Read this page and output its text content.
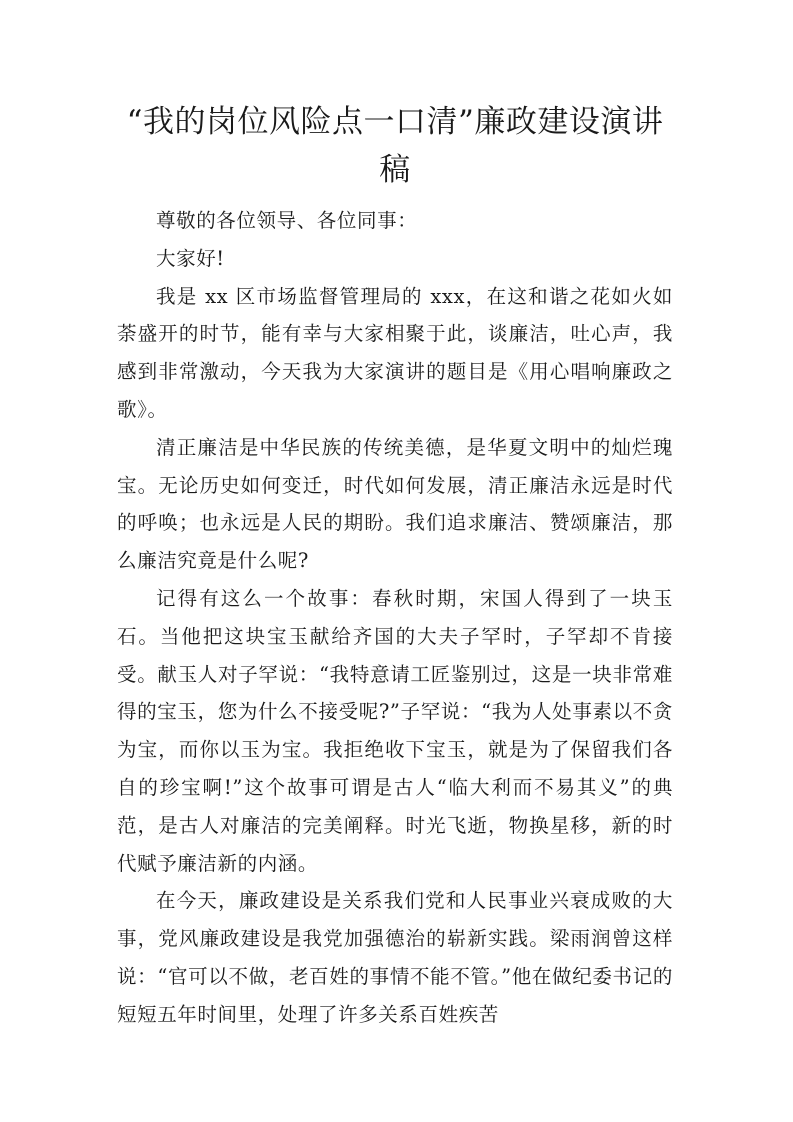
“我的岗位风险点一口清”廉政建设演讲稿

尊敬的各位领导、各位同事：

大家好!

我是 xx 区市场监督管理局的 xxx，在这和谐之花如火如荼盛开的时节，能有幸与大家相聚于此，谈廉洁，吐心声，我感到非常激动，今天我为大家演讲的题目是《用心唱响廉政之歌》。

清正廉洁是中华民族的传统美德，是华夏文明中的灿烂瑰宝。无论历史如何变迁，时代如何发展，清正廉洁永远是时代的呼唤；也永远是人民的期盼。我们追求廉洁、赞颂廉洁，那么廉洁究竟是什么呢?

记得有这么一个故事：春秋时期，宋国人得到了一块玉石。当他把这块宝玉献给齐国的大夫子罕时，子罕却不肯接受。献玉人对子罕说：“我特意请工匠鉴别过，这是一块非常难得的宝玉，您为什么不接受呢?”子罕说：“我为人处事素以不贪为宝，而你以玉为宝。我拒绝收下宝玉，就是为了保留我们各自的珍宝啊!”这个故事可谓是古人“临大利而不易其义”的典范，是古人对廉洁的完美阐释。时光飞逝，物换星移，新的时代赋予廉洁新的内涵。

在今天，廉政建设是关系我们党和人民事业兴衰成败的大事，党风廉政建设是我党加强德治的崭新实践。梁雨润曾这样说：“官可以不做，老百姓的事情不能不管。”他在做纪委书记的短短五年时间里，处理了许多关系百姓疾苦
